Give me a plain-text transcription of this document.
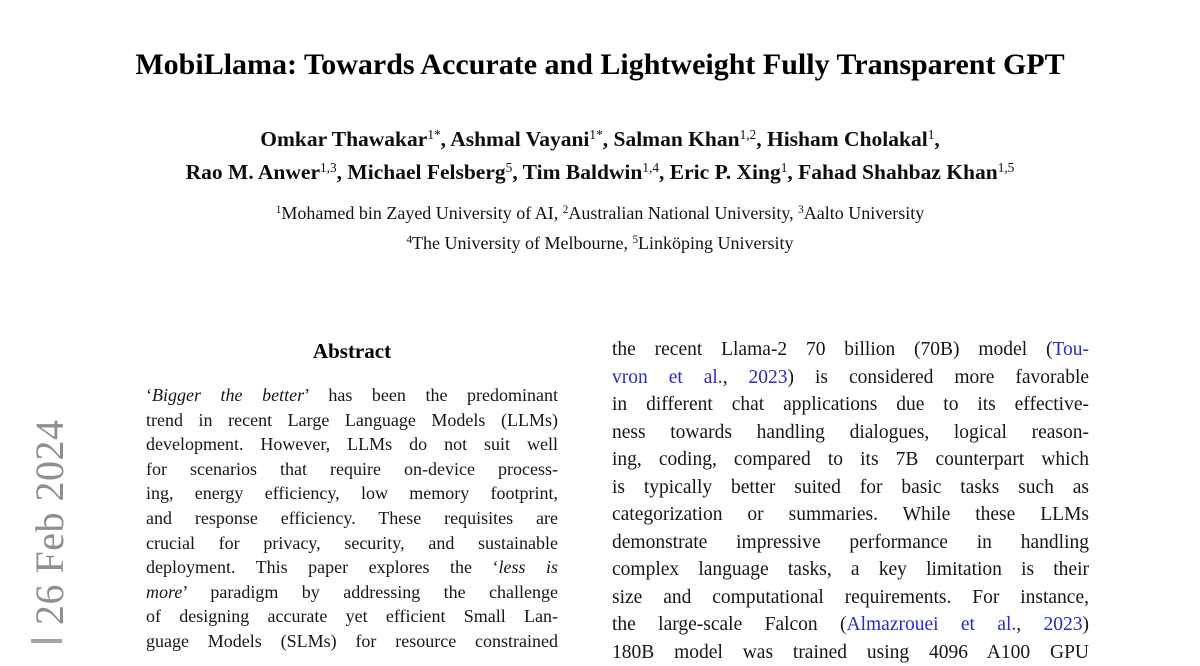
26 Feb 2024
MobiLlama: Towards Accurate and Lightweight Fully Transparent GPT
Omkar Thawakar$^{1*}$, Ashmal Vayani$^{1*}$, Salman Khan$^{1,2}$, Hisham Cholakal$^1$,
Rao M. Anwer$^{1,3}$, Michael Felsberg$^5$, Tim Baldwin$^{1,4}$, Eric P. Xing$^1$, Fahad Shahbaz Khan$^{1,5}$
$^1$Mohamed bin Zayed University of AI, $^2$Australian National University, $^3$Aalto University
$^4$The University of Melbourne, $^5$Linköping University
Abstract
‘Bigger the better’ has been the predominant
trend in recent Large Language Models (LLMs)
development. However, LLMs do not suit well
for scenarios that require on-device process-
ing, energy efficiency, low memory footprint,
and response efficiency. These requisites are
crucial for privacy, security, and sustainable
deployment. This paper explores the ‘less is
more’ paradigm by addressing the challenge
of designing accurate yet efficient Small Lan-
guage Models (SLMs) for resource constrained
the recent Llama-2 70 billion (70B) model (Tou-
vron et al., 2023) is considered more favorable
in different chat applications due to its effective-
ness towards handling dialogues, logical reason-
ing, coding, compared to its 7B counterpart which
is typically better suited for basic tasks such as
categorization or summaries. While these LLMs
demonstrate impressive performance in handling
complex language tasks, a key limitation is their
size and computational requirements. For instance,
the large-scale Falcon (Almazrouei et al., 2023)
180B model was trained using 4096 A100 GPU
